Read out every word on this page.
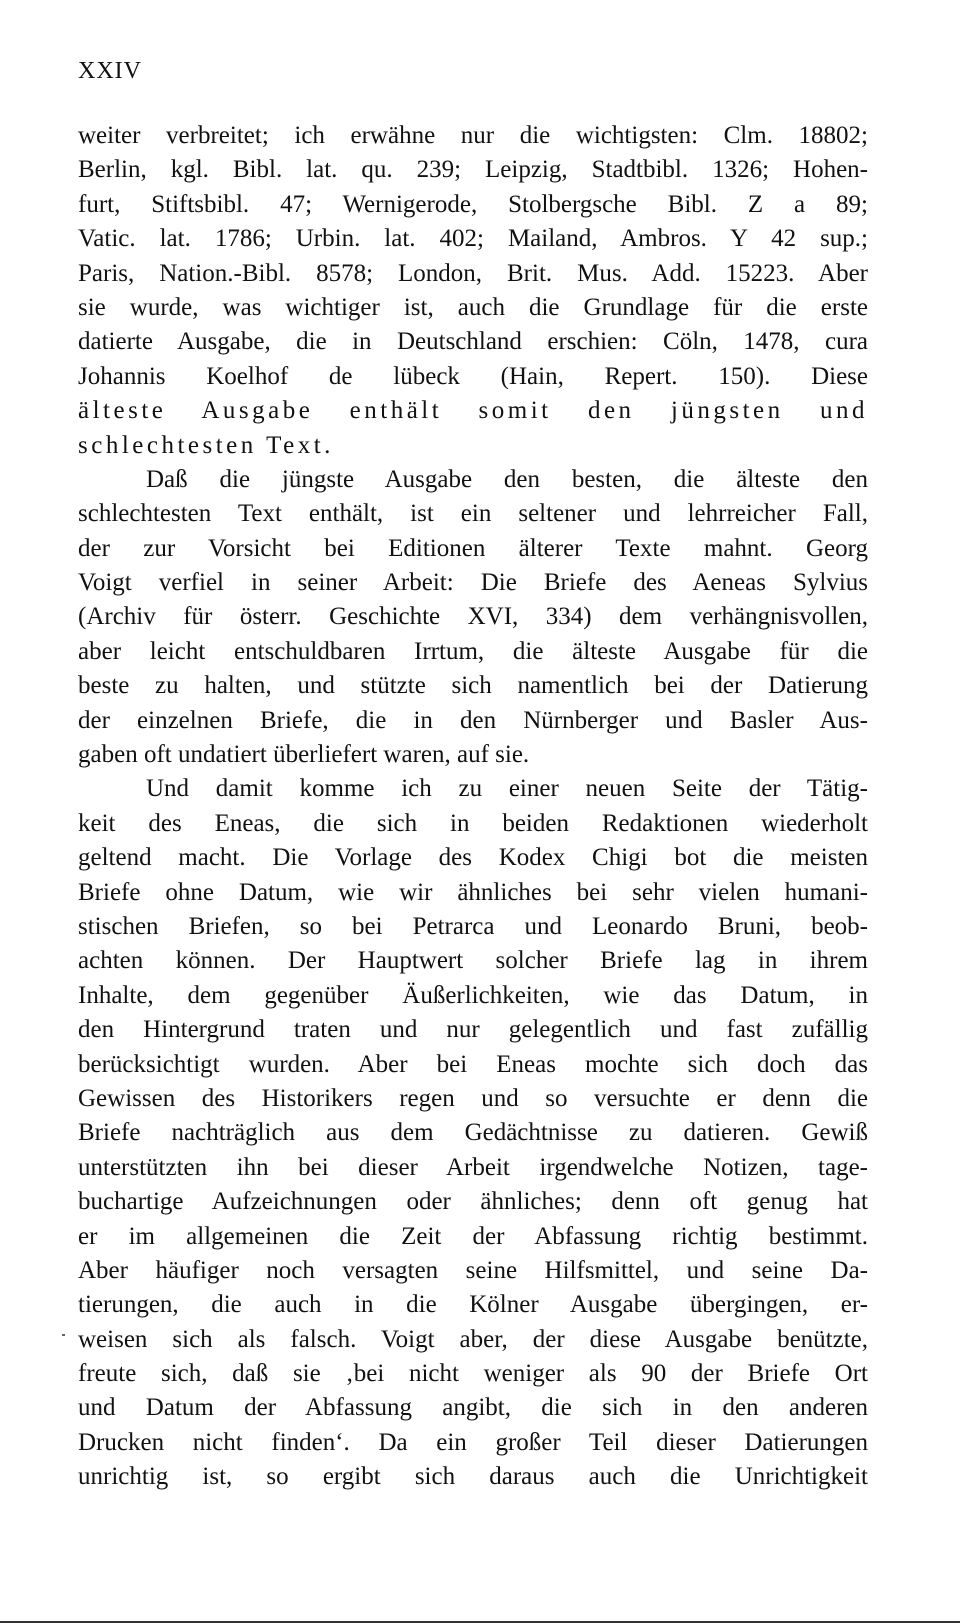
XXIV
weiter verbreitet; ich erwähne nur die wichtigsten: Clm. 18802;
Berlin, kgl. Bibl. lat. qu. 239; Leipzig, Stadtbibl. 1326; Hohen-
furt, Stiftsbibl. 47; Wernigerode, Stolbergsche Bibl. Z a 89;
Vatic. lat. 1786; Urbin. lat. 402; Mailand, Ambros. Y 42 sup.;
Paris, Nation.-Bibl. 8578; London, Brit. Mus. Add. 15223. Aber
sie wurde, was wichtiger ist, auch die Grundlage für die erste
datierte Ausgabe, die in Deutschland erschien: Cöln, 1478, cura
Johannis Koelhof de lübeck (Hain, Repert. 150). Diese
älteste Ausgabe enthält somit den jüngsten und
schlechtesten Text.
Daß die jüngste Ausgabe den besten, die älteste den
schlechtesten Text enthält, ist ein seltener und lehrreicher Fall,
der zur Vorsicht bei Editionen älterer Texte mahnt. Georg
Voigt verfiel in seiner Arbeit: Die Briefe des Aeneas Sylvius
(Archiv für österr. Geschichte XVI, 334) dem verhängnisvollen,
aber leicht entschuldbaren Irrtum, die älteste Ausgabe für die
beste zu halten, und stützte sich namentlich bei der Datierung
der einzelnen Briefe, die in den Nürnberger und Basler Aus-
gaben oft undatiert überliefert waren, auf sie.
Und damit komme ich zu einer neuen Seite der Tätig-
keit des Eneas, die sich in beiden Redaktionen wiederholt
geltend macht. Die Vorlage des Kodex Chigi bot die meisten
Briefe ohne Datum, wie wir ähnliches bei sehr vielen humani-
stischen Briefen, so bei Petrarca und Leonardo Bruni, beob-
achten können. Der Hauptwert solcher Briefe lag in ihrem
Inhalte, dem gegenüber Äußerlichkeiten, wie das Datum, in
den Hintergrund traten und nur gelegentlich und fast zufällig
berücksichtigt wurden. Aber bei Eneas mochte sich doch das
Gewissen des Historikers regen und so versuchte er denn die
Briefe nachträglich aus dem Gedächtnisse zu datieren. Gewiß
unterstützten ihn bei dieser Arbeit irgendwelche Notizen, tage-
buchartige Aufzeichnungen oder ähnliches; denn oft genug hat
er im allgemeinen die Zeit der Abfassung richtig bestimmt.
Aber häufiger noch versagten seine Hilfsmittel, und seine Da-
tierungen, die auch in die Kölner Ausgabe übergingen, er-
weisen sich als falsch. Voigt aber, der diese Ausgabe benützte,
freute sich, daß sie ‚bei nicht weniger als 90 der Briefe Ort
und Datum der Abfassung angibt, die sich in den anderen
Drucken nicht finden‘. Da ein großer Teil dieser Datierungen
unrichtig ist, so ergibt sich daraus auch die Unrichtigkeit
